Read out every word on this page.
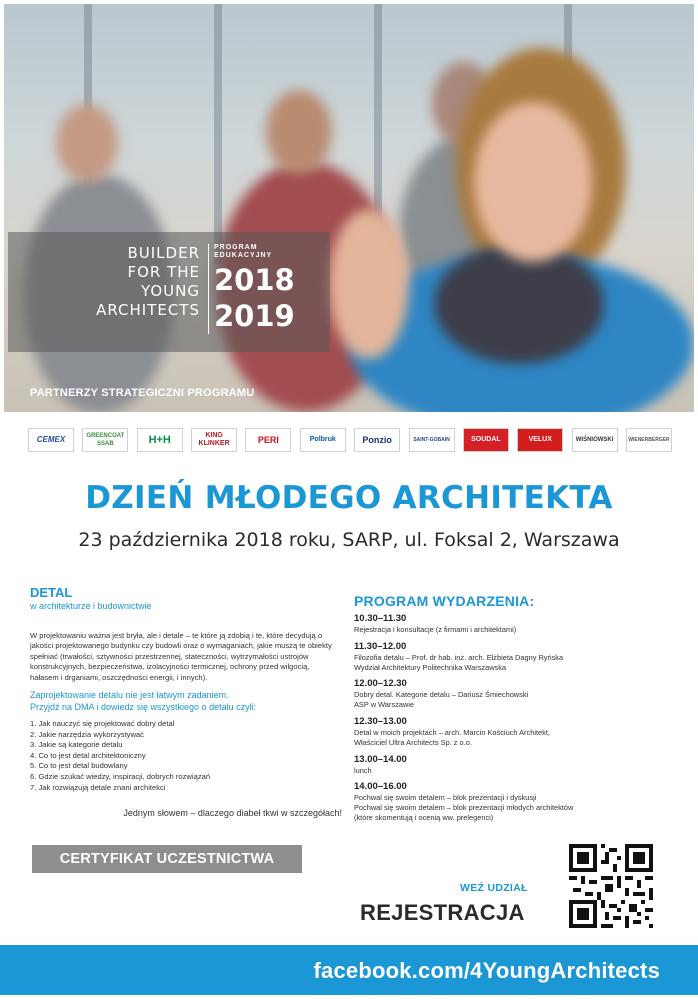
BUILDER
FOR THE
YOUNG
ARCHITECTS
PROGRAM
EDUKACYJNY
2018
2019
PARTNERZY STRATEGICZNI PROGRAMU
CEMEX	GREENCOAT SSAB	H+H	KING KLINKER	PERI	Polbruk	Ponzio	SAINT-GOBAIN	SOUDAL	VELUX	WIŚNIOWSKI	WIENERBERGER
DZIEŃ MŁODEGO ARCHITEKTA
23 października 2018 roku, SARP, ul. Foksal 2, Warszawa
DETAL
w architekturze i budownictwie
W projektowaniu ważna jest bryła, ale i detale – te które ją zdobią i te, które decydują o jakości projektowanego budynku czy budowli oraz o wymaganiach, jakie muszą te obiekty spełniać (trwałości, sztywności przestrzennej, stateczności, wytrzymałości ustrojów konstrukcyjnych, bezpieczeństwa, izolacyjności termicznej, ochrony przed wilgocią, hałasem i drganiami, oszczędności energii, i innych).
Zaprojektowanie detalu nie jest łatwym zadaniem.
Przyjdź na DMA i dowiedz się wszystkiego o detalu czyli:
1. Jak nauczyć się projektować dobry detal
2. Jakie narzędzia wykorzystywać
3. Jakie są kategorie detalu
4. Co to jest detal architektoniczny
5. Co to jest detal budowlany
6. Gdzie szukać wiedzy, inspiracji, dobrych rozwiązań
7. Jak rozwiązują detale znani architekci
Jednym słowem – dlaczego diabeł tkwi w szczegółach!
CERTYFIKAT UCZESTNICTWA
PROGRAM WYDARZENIA:
10.30–11.30
Rejestracja i konsultacje (z firmami i architektami)
11.30–12.00
Filozofia detalu – Prof. dr hab. inż. arch. Elżbieta Dagny Ryńska
Wydział Architektury Politechnika Warszawska
12.00–12.30
Dobry detal. Kategorie detalu – Dariusz Śmiechowski
ASP w Warszawie
12.30–13.00
Detal w moich projektach – arch. Marcin Kościuch Architekt,
Właściciel Ultra Architects Sp. z o.o.
13.00–14.00
lunch
14.00–16.00
Pochwal się swoim detalem – blok prezentacji i dyskusji
Pochwal się swoim detalem – blok prezentacji młodych architektów
(które skomentują i ocenią ww. prelegenci)
WEŹ UDZIAŁ
REJESTRACJA
facebook.com/4YoungArchitects
